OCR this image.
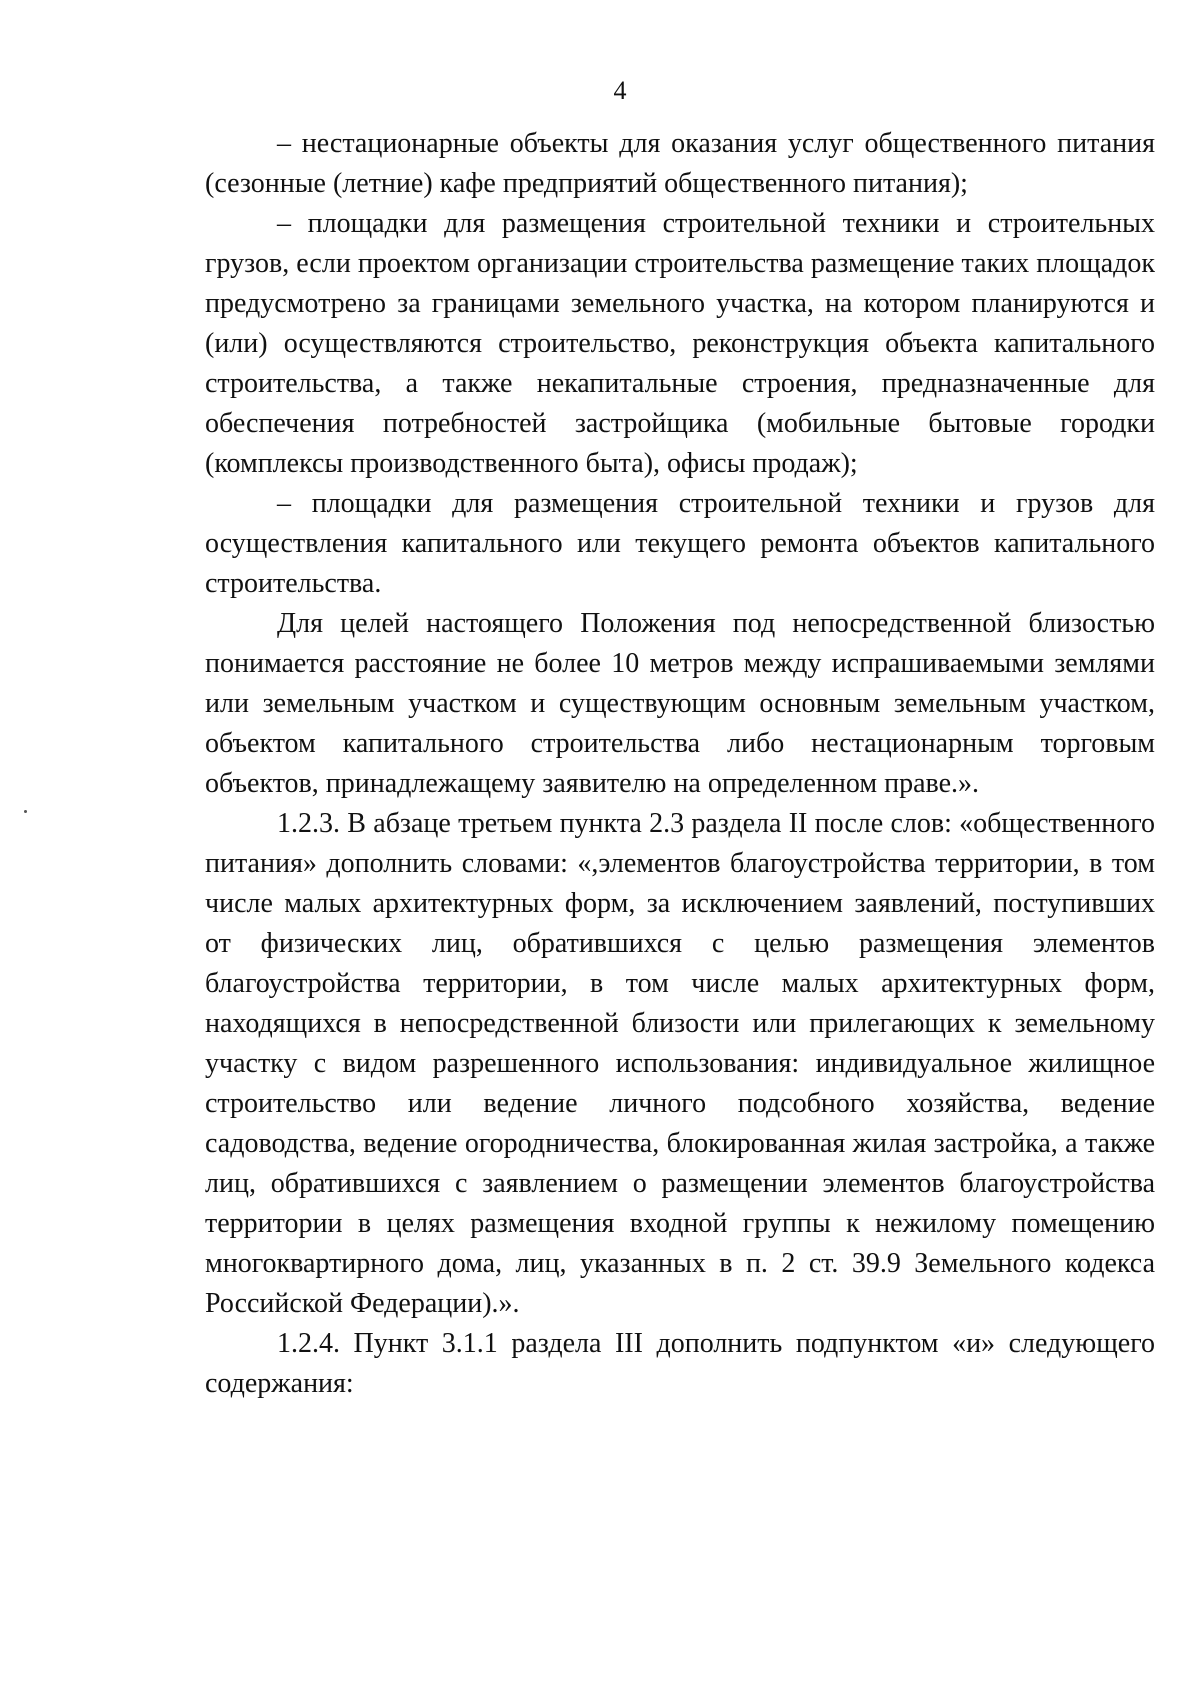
4

– нестационарные объекты для оказания услуг общественного питания (сезонные (летние) кафе предприятий общественного питания);

– площадки для размещения строительной техники и строительных грузов, если проектом организации строительства размещение таких площадок предусмотрено за границами земельного участка, на котором планируются и (или) осуществляются строительство, реконструкция объекта капитального строительства, а также некапитальные строения, предназначенные для обеспечения потребностей застройщика (мобильные бытовые городки (комплексы производственного быта), офисы продаж);

– площадки для размещения строительной техники и грузов для осуществления капитального или текущего ремонта объектов капитального строительства.

Для целей настоящего Положения под непосредственной близостью понимается расстояние не более 10 метров между испрашиваемыми землями или земельным участком и существующим основным земельным участком, объектом капитального строительства либо нестационарным торговым объектов, принадлежащему заявителю на определенном праве.».

1.2.3. В абзаце третьем пункта 2.3 раздела II после слов: «общественного питания» дополнить словами: «,элементов благоустройства территории, в том числе малых архитектурных форм, за исключением заявлений, поступивших от физических лиц, обратившихся с целью размещения элементов благоустройства территории, в том числе малых архитектурных форм, находящихся в непосредственной близости или прилегающих к земельному участку с видом разрешенного использования: индивидуальное жилищное строительство или ведение личного подсобного хозяйства, ведение садоводства, ведение огородничества, блокированная жилая застройка, а также лиц, обратившихся с заявлением о размещении элементов благоустройства территории в целях размещения входной группы к нежилому помещению многоквартирного дома, лиц, указанных в п. 2 ст. 39.9 Земельного кодекса Российской Федерации).».

1.2.4. Пункт 3.1.1 раздела III дополнить подпунктом «и» следующего содержания:
